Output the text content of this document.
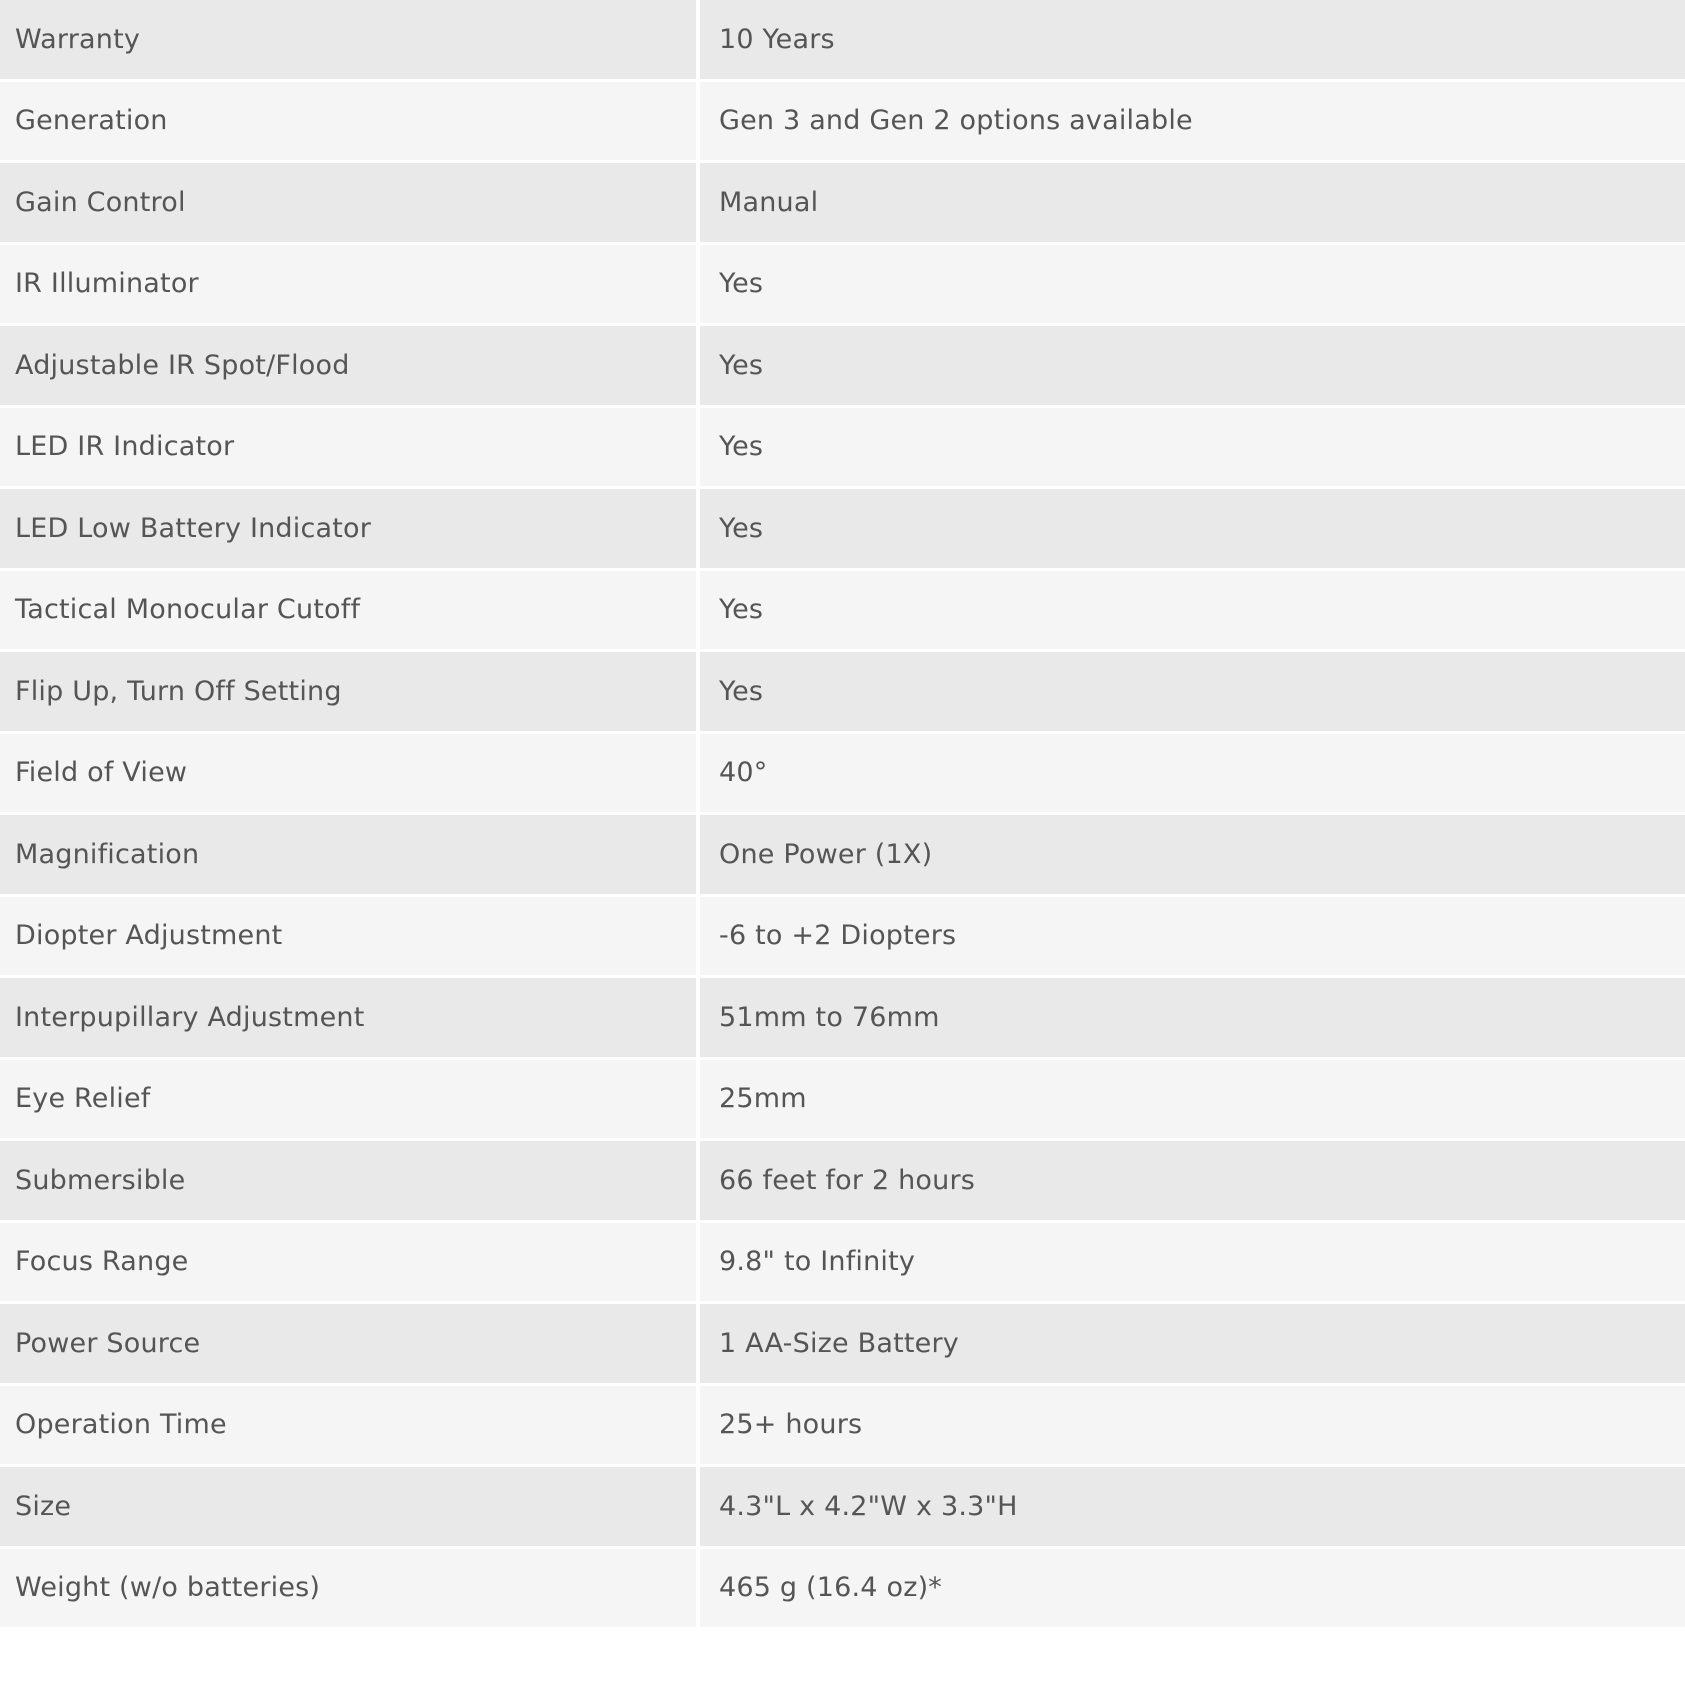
Warranty	10 Years
Generation	Gen 3 and Gen 2 options available
Gain Control	Manual
IR Illuminator	Yes
Adjustable IR Spot/Flood	Yes
LED IR Indicator	Yes
LED Low Battery Indicator	Yes
Tactical Monocular Cutoff	Yes
Flip Up, Turn Off Setting	Yes
Field of View	40°
Magnification	One Power (1X)
Diopter Adjustment	-6 to +2 Diopters
Interpupillary Adjustment	51mm to 76mm
Eye Relief	25mm
Submersible	66 feet for 2 hours
Focus Range	9.8" to Infinity
Power Source	1 AA-Size Battery
Operation Time	25+ hours
Size	4.3"L x 4.2"W x 3.3"H
Weight (w/o batteries)	465 g (16.4 oz)*
